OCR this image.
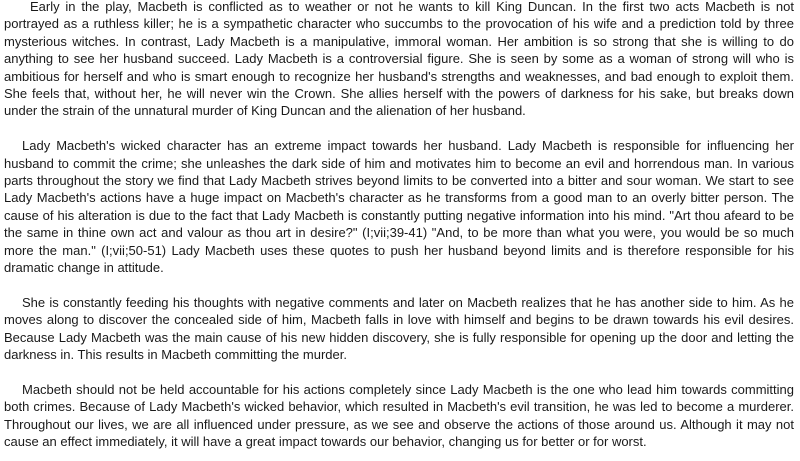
Early in the play, Macbeth is conflicted as to weather or not he wants to kill King Duncan. In the first two acts Macbeth is not portrayed as a ruthless killer; he is a sympathetic character who succumbs to the provocation of his wife and a prediction told by three mysterious witches. In contrast, Lady Macbeth is a manipulative, immoral woman. Her ambition is so strong that she is willing to do anything to see her husband succeed. Lady Macbeth is a controversial figure. She is seen by some as a woman of strong will who is ambitious for herself and who is smart enough to recognize her husband's strengths and weaknesses, and bad enough to exploit them. She feels that, without her, he will never win the Crown. She allies herself with the powers of darkness for his sake, but breaks down under the strain of the unnatural murder of King Duncan and the alienation of her husband.

Lady Macbeth's wicked character has an extreme impact towards her husband. Lady Macbeth is responsible for influencing her husband to commit the crime; she unleashes the dark side of him and motivates him to become an evil and horrendous man. In various parts throughout the story we find that Lady Macbeth strives beyond limits to be converted into a bitter and sour woman. We start to see Lady Macbeth's actions have a huge impact on Macbeth's character as he transforms from a good man to an overly bitter person. The cause of his alteration is due to the fact that Lady Macbeth is constantly putting negative information into his mind. "Art thou afeard to be the same in thine own act and valour as thou art in desire?" (I;vii;39-41) "And, to be more than what you were, you would be so much more the man." (I;vii;50-51) Lady Macbeth uses these quotes to push her husband beyond limits and is therefore responsible for his dramatic change in attitude.

She is constantly feeding his thoughts with negative comments and later on Macbeth realizes that he has another side to him. As he moves along to discover the concealed side of him, Macbeth falls in love with himself and begins to be drawn towards his evil desires. Because Lady Macbeth was the main cause of his new hidden discovery, she is fully responsible for opening up the door and letting the darkness in. This results in Macbeth committing the murder.

Macbeth should not be held accountable for his actions completely since Lady Macbeth is the one who lead him towards committing both crimes. Because of Lady Macbeth's wicked behavior, which resulted in Macbeth's evil transition, he was led to become a murderer. Throughout our lives, we are all influenced under pressure, as we see and observe the actions of those around us. Although it may not cause an effect immediately, it will have a great impact towards our behavior, changing us for better or for worst.
